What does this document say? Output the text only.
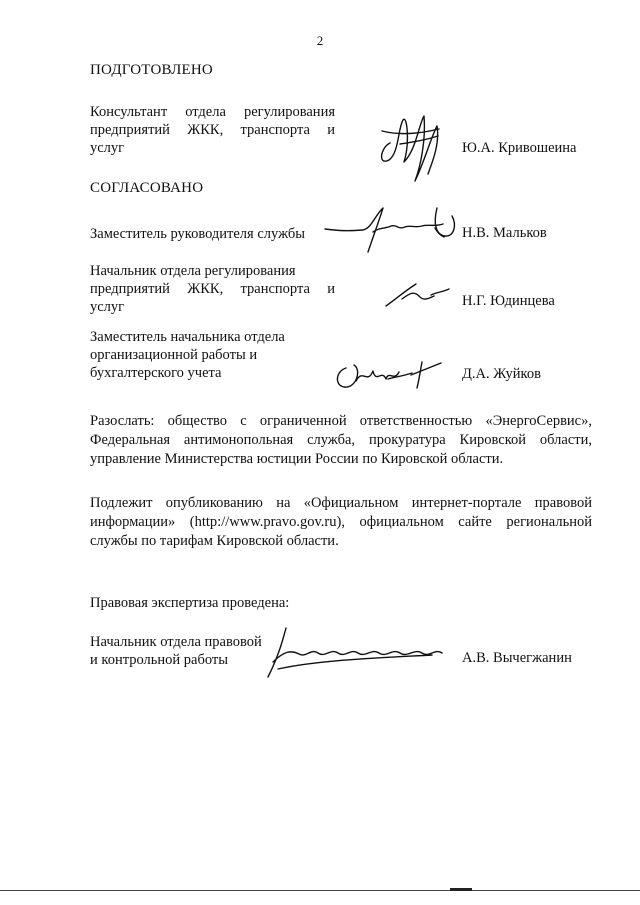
2
ПОДГОТОВЛЕНО
Консультант отдела регулирования
предприятий ЖКК, транспорта и
услуг	Ю.А. Кривошеина
СОГЛАСОВАНО
Заместитель руководителя службы	Н.В. Мальков
Начальник отдела регулирования
предприятий ЖКК, транспорта и
услуг	Н.Г. Юдинцева
Заместитель начальника отдела
организационной работы и
бухгалтерского учета	Д.А. Жуйков
Разослать: общество с ограниченной ответственностью «ЭнергоСервис», Федеральная антимонопольная служба, прокуратура Кировской области, управление Министерства юстиции России по Кировской области.
Подлежит опубликованию на «Официальном интернет-портале правовой информации» (http://www.pravo.gov.ru), официальном сайте региональной службы по тарифам Кировской области.
Правовая экспертиза проведена:
Начальник отдела правовой
и контрольной работы	А.В. Вычегжанин
